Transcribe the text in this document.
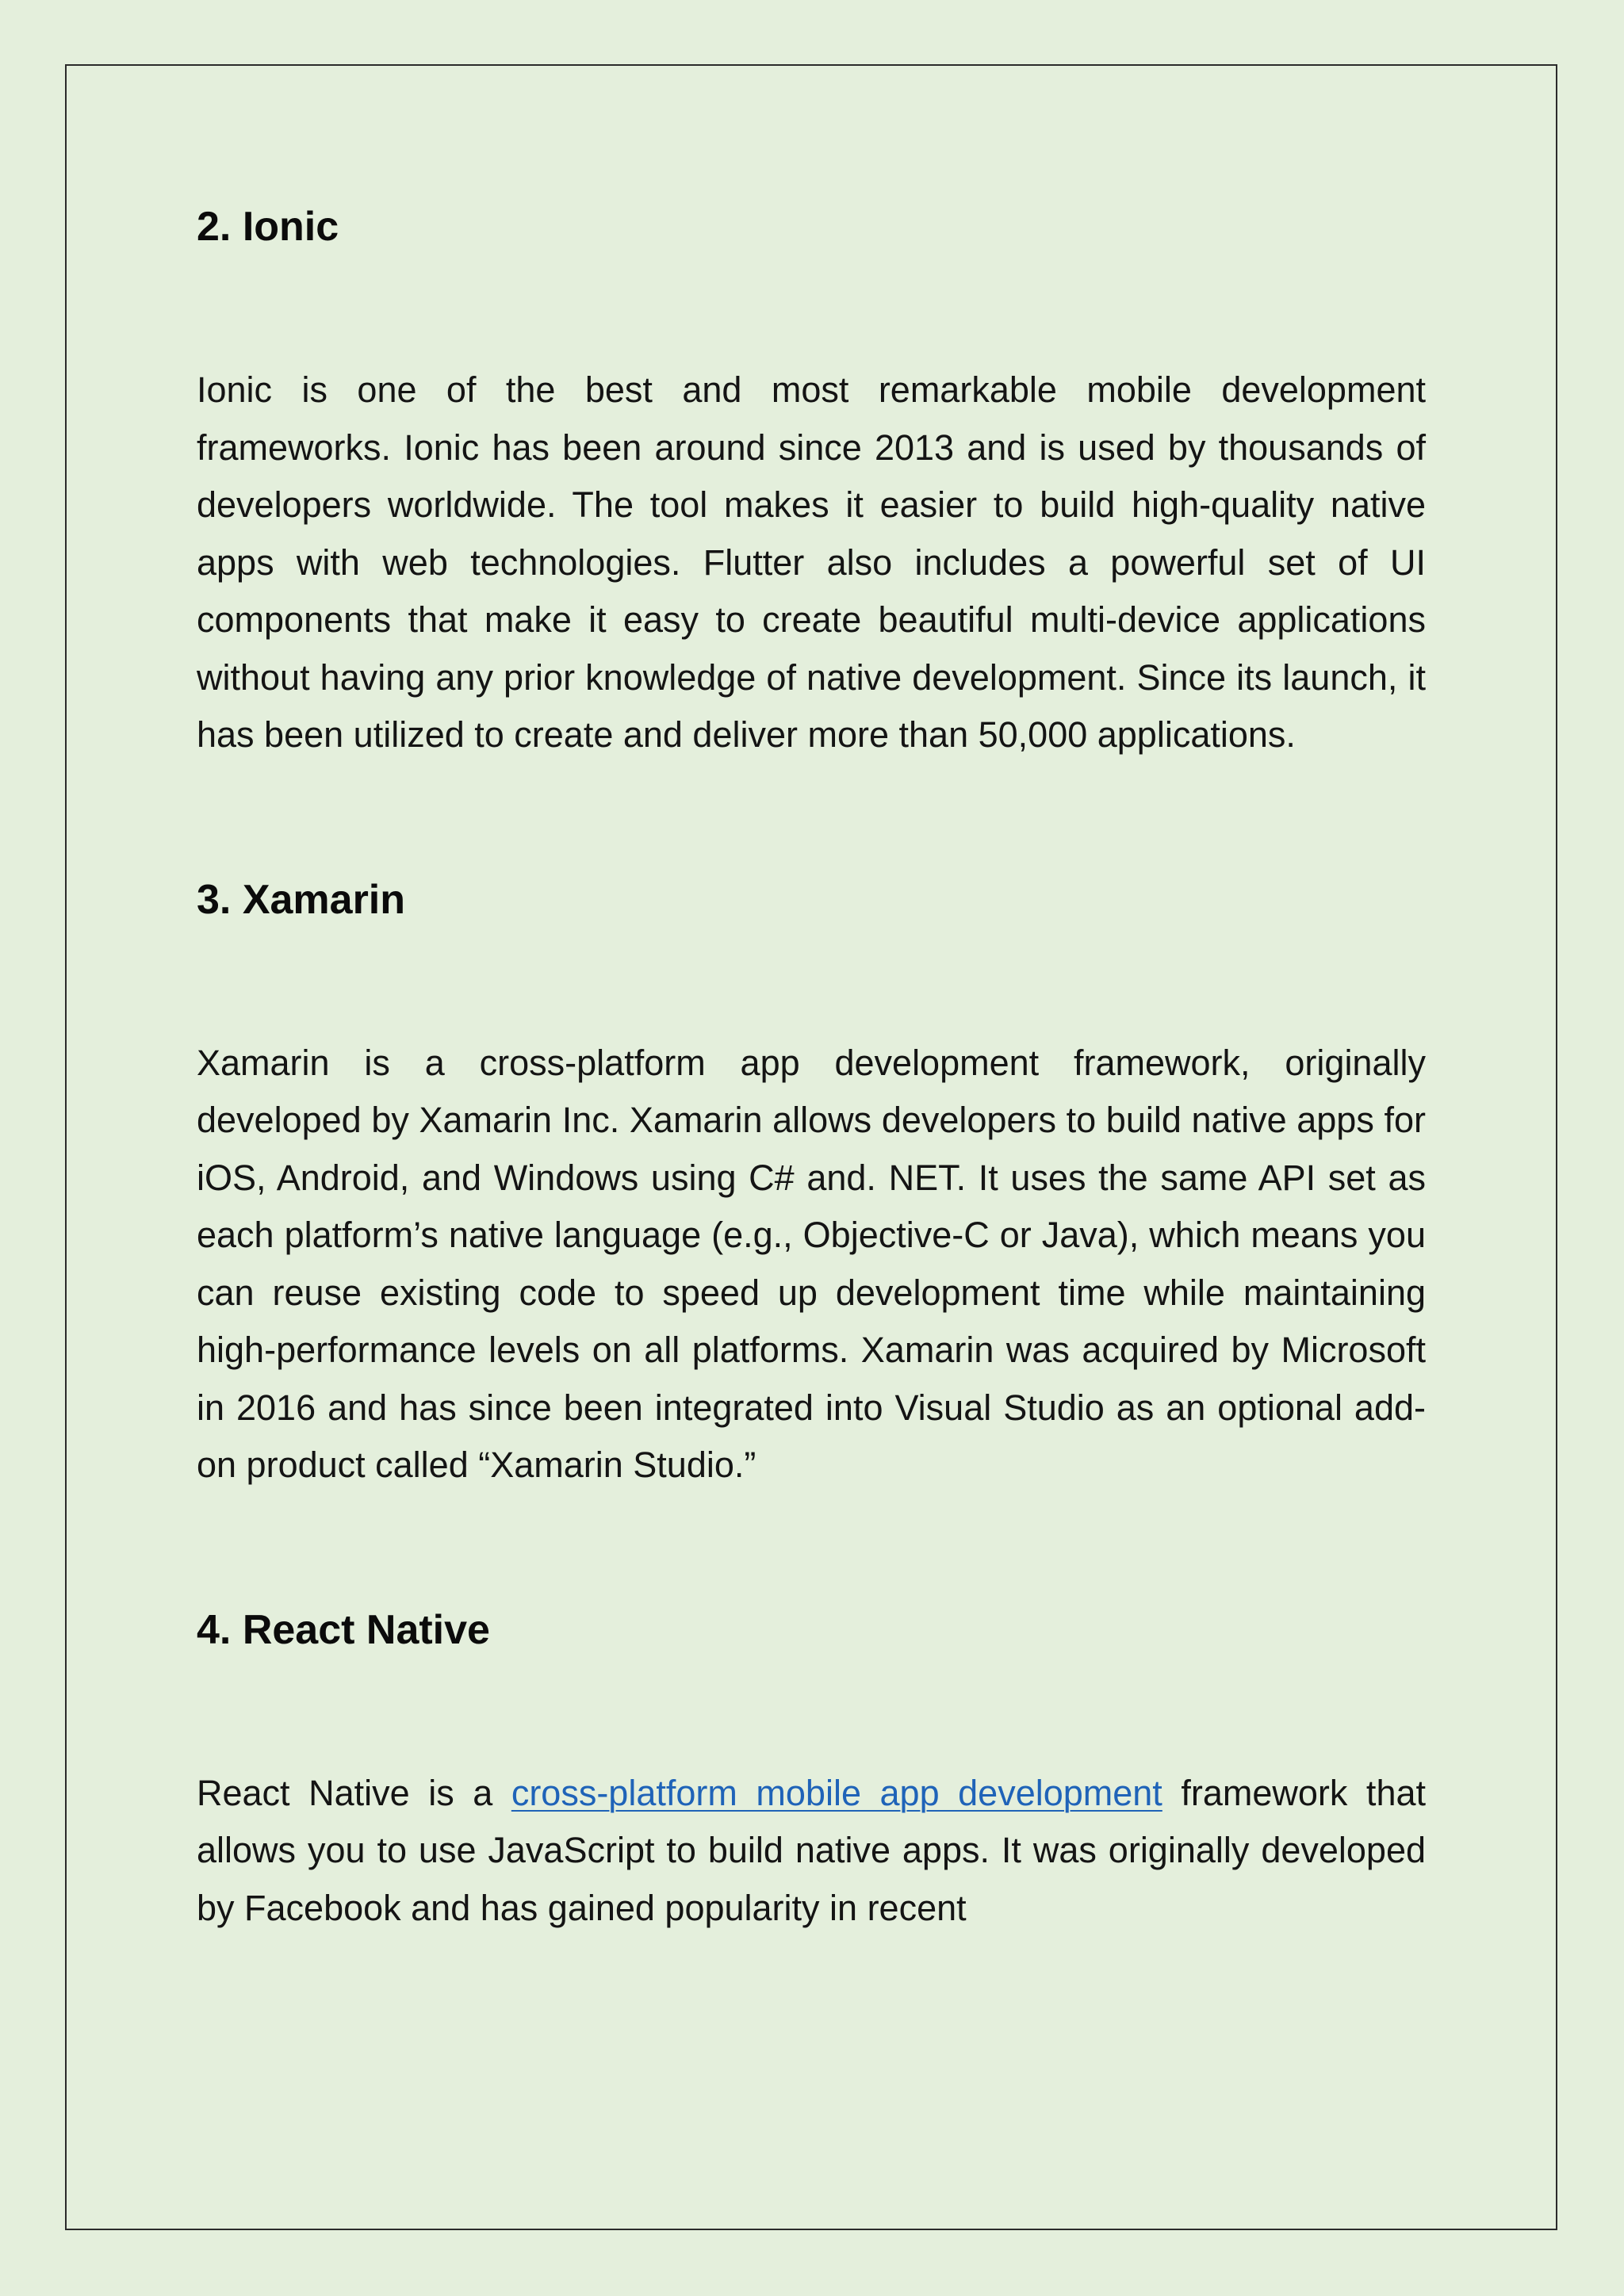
2. Ionic

Ionic is one of the best and most remarkable mobile development frameworks. Ionic has been around since 2013 and is used by thousands of developers worldwide. The tool makes it easier to build high-quality native apps with web technologies. Flutter also includes a powerful set of UI components that make it easy to create beautiful multi-device applications without having any prior knowledge of native development. Since its launch, it has been utilized to create and deliver more than 50,000 applications.

3. Xamarin

Xamarin is a cross-platform app development framework, originally developed by Xamarin Inc. Xamarin allows developers to build native apps for iOS, Android, and Windows using C# and. NET. It uses the same API set as each platform’s native language (e.g., Objective-C or Java), which means you can reuse existing code to speed up development time while maintaining high-performance levels on all platforms. Xamarin was acquired by Microsoft in 2016 and has since been integrated into Visual Studio as an optional add-on product called “Xamarin Studio.”

4. React Native

React Native is a cross-platform mobile app development framework that allows you to use JavaScript to build native apps. It was originally developed by Facebook and has gained popularity in recent
